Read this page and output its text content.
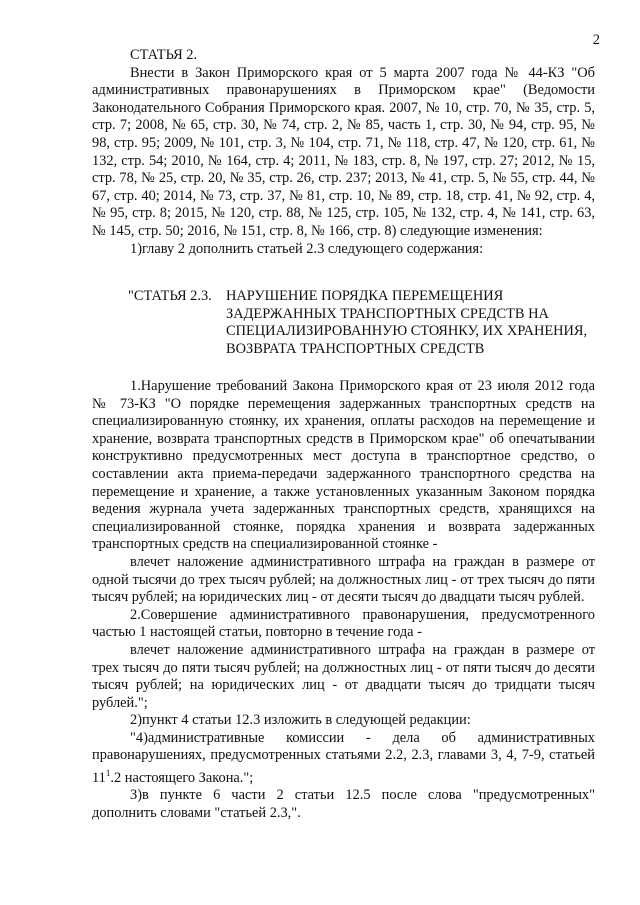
2

СТАТЬЯ 2.

Внести в Закон Приморского края от 5 марта 2007 года № 44-КЗ "Об административных правонарушениях в Приморском крае" (Ведомости Законодательного Собрания Приморского края. 2007, № 10, стр. 70, № 35, стр. 5, стр. 7; 2008, № 65, стр. 30, № 74, стр. 2, № 85, часть 1, стр. 30, № 94, стр. 95, № 98, стр. 95; 2009, № 101, стр. 3, № 104, стр. 71, № 118, стр. 47, № 120, стр. 61, № 132, стр. 54; 2010, № 164, стр. 4; 2011, № 183, стр. 8, № 197, стр. 27; 2012, № 15, стр. 78, № 25, стр. 20, № 35, стр. 26, стр. 237; 2013, № 41, стр. 5, № 55, стр. 44, № 67, стр. 40; 2014, № 73, стр. 37, № 81, стр. 10, № 89, стр. 18, стр. 41, № 92, стр. 4, № 95, стр. 8; 2015, № 120, стр. 88, № 125, стр. 105, № 132, стр. 4, № 141, стр. 63, № 145, стр. 50; 2016, № 151, стр. 8, № 166, стр. 8) следующие изменения:

1)главу 2 дополнить статьей 2.3 следующего содержания:

"СТАТЬЯ 2.3. НАРУШЕНИЕ ПОРЯДКА ПЕРЕМЕЩЕНИЯ ЗАДЕРЖАННЫХ ТРАНСПОРТНЫХ СРЕДСТВ НА СПЕЦИАЛИЗИРОВАННУЮ СТОЯНКУ, ИХ ХРАНЕНИЯ, ВОЗВРАТА ТРАНСПОРТНЫХ СРЕДСТВ

1.Нарушение требований Закона Приморского края от 23 июля 2012 года № 73-КЗ "О порядке перемещения задержанных транспортных средств на специализированную стоянку, их хранения, оплаты расходов на перемещение и хранение, возврата транспортных средств в Приморском крае" об опечатывании конструктивно предусмотренных мест доступа в транспортное средство, о составлении акта приема-передачи задержанного транспортного средства на перемещение и хранение, а также установленных указанным Законом порядка ведения журнала учета задержанных транспортных средств, хранящихся на специализированной стоянке, порядка хранения и возврата задержанных транспортных средств на специализированной стоянке -

влечет наложение административного штрафа на граждан в размере от одной тысячи до трех тысяч рублей; на должностных лиц - от трех тысяч до пяти тысяч рублей; на юридических лиц - от десяти тысяч до двадцати тысяч рублей.

2.Совершение административного правонарушения, предусмотренного частью 1 настоящей статьи, повторно в течение года -

влечет наложение административного штрафа на граждан в размере от трех тысяч до пяти тысяч рублей; на должностных лиц - от пяти тысяч до десяти тысяч рублей; на юридических лиц - от двадцати тысяч до тридцати тысяч рублей.";

2)пункт 4 статьи 12.3 изложить в следующей редакции:

"4)административные комиссии - дела об административных правонарушениях, предусмотренных статьями 2.2, 2.3, главами 3, 4, 7-9, статьей $11^1.2$ настоящего Закона.";

3)в пункте 6 части 2 статьи 12.5 после слова "предусмотренных" дополнить словами "статьей 2.3,".
